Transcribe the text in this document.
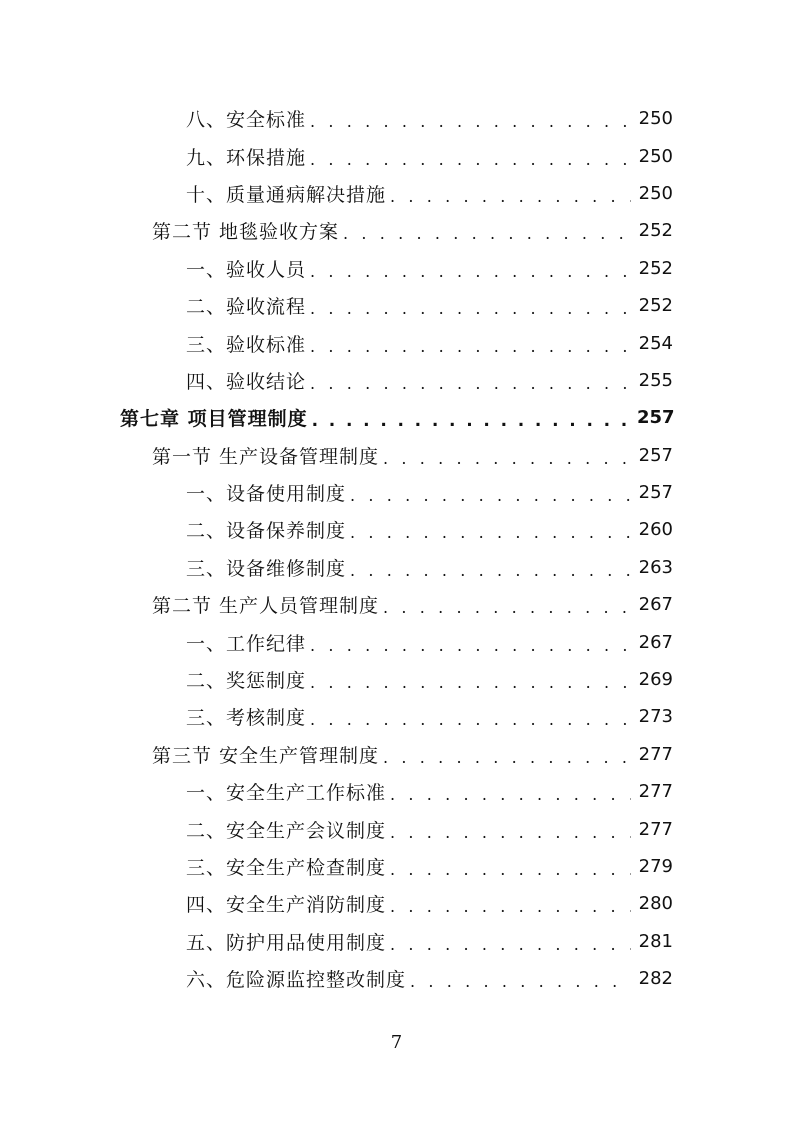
八、安全标准 . . .	250
九、环保措施 . . .	250
十、质量通病解决措施 . . .	250
第二节 地毯验收方案 . . .	252
一、验收人员 . . .	252
二、验收流程 . . .	252
三、验收标准 . . .	254
四、验收结论 . . .	255
第七章 项目管理制度 . . .	257
第一节 生产设备管理制度 . . .	257
一、设备使用制度 . . .	257
二、设备保养制度 . . .	260
三、设备维修制度 . . .	263
第二节 生产人员管理制度 . . .	267
一、工作纪律 . . .	267
二、奖惩制度 . . .	269
三、考核制度 . . .	273
第三节 安全生产管理制度 . . .	277
一、安全生产工作标准 . . .	277
二、安全生产会议制度 . . .	277
三、安全生产检查制度 . . .	279
四、安全生产消防制度 . . .	280
五、防护用品使用制度 . . .	281
六、危险源监控整改制度 . . .	282
7
